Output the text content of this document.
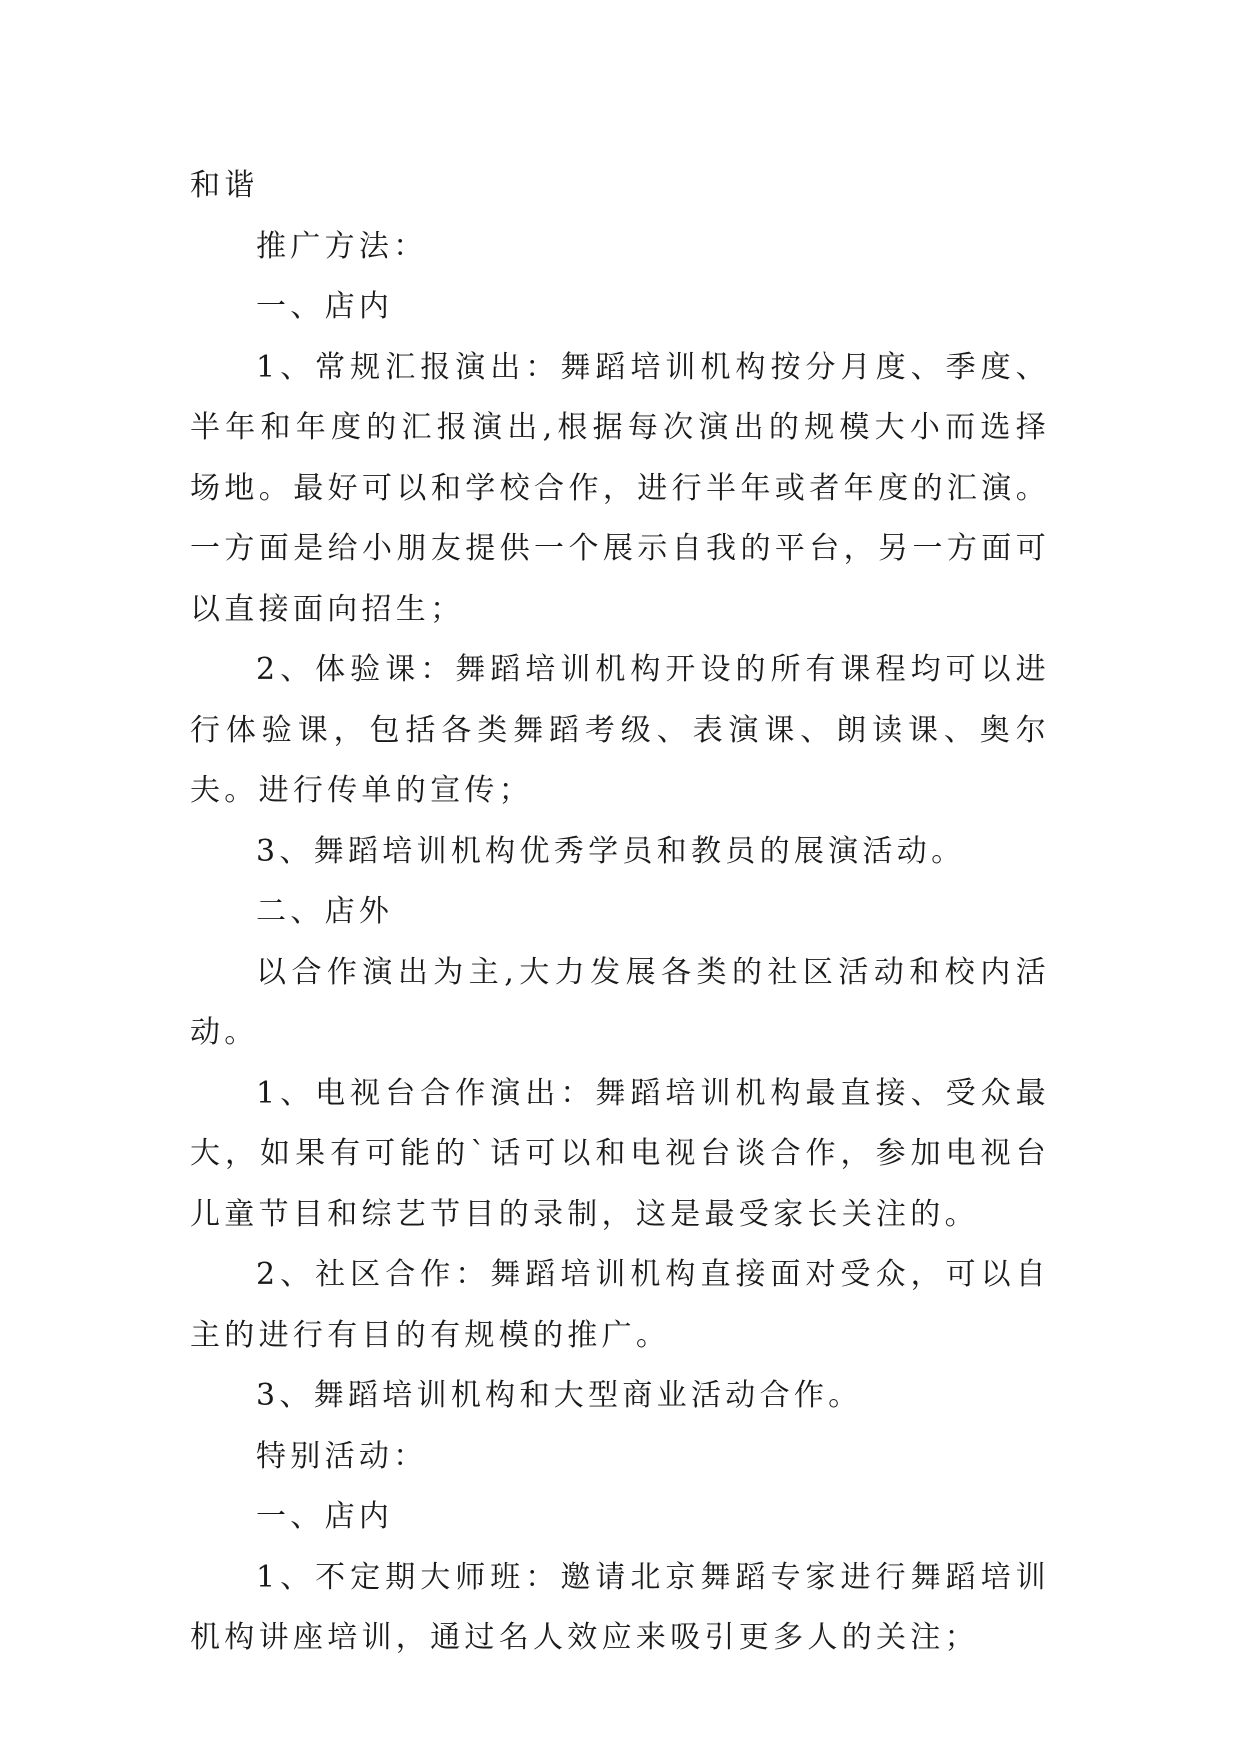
和谐

推广方法：

一、店内

1、常规汇报演出：舞蹈培训机构按分月度、季度、半年和年度的汇报演出,根据每次演出的规模大小而选择场地。最好可以和学校合作，进行半年或者年度的汇演。一方面是给小朋友提供一个展示自我的平台，另一方面可以直接面向招生；

2、体验课：舞蹈培训机构开设的所有课程均可以进行体验课，包括各类舞蹈考级、表演课、朗读课、奥尔夫。进行传单的宣传；

3、舞蹈培训机构优秀学员和教员的展演活动。

二、店外

以合作演出为主,大力发展各类的社区活动和校内活动。

1、电视台合作演出：舞蹈培训机构最直接、受众最大，如果有可能的`话可以和电视台谈合作，参加电视台儿童节目和综艺节目的录制，这是最受家长关注的。

2、社区合作：舞蹈培训机构直接面对受众，可以自主的进行有目的有规模的推广。

3、舞蹈培训机构和大型商业活动合作。

特别活动：

一、店内

1、不定期大师班：邀请北京舞蹈专家进行舞蹈培训机构讲座培训，通过名人效应来吸引更多人的关注；
